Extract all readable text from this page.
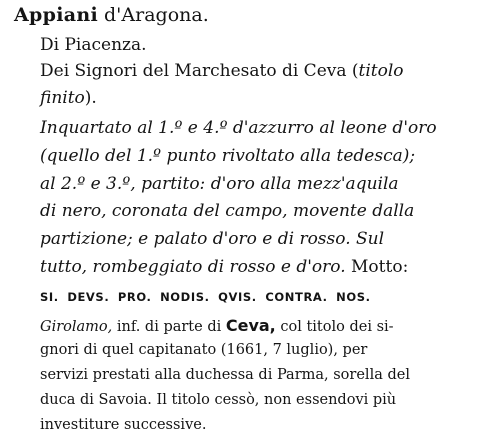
Appiani d'Aragona.
Di Piacenza.
Dei Signori del Marchesato di Ceva (titolo
finito).
Inquartato al 1.º e 4.º d'azzurro al leone d'oro
(quello del 1.º punto rivoltato alla tedesca);
al 2.º e 3.º, partito: d'oro alla mezz'aquila
di nero, coronata del campo, movente dalla
partizione; e palato d'oro e di rosso. Sul
tutto, rombeggiato di rosso e d'oro. Motto:
SI. DEVS. PRO. NODIS. QVIS. CONTRA. NOS.
Girolamo, inf. di parte di Ceva, col titolo dei si-
gnori di quel capitanato (1661, 7 luglio), per
servizi prestati alla duchessa di Parma, sorella del
duca di Savoia. Il titolo cessò, non essendovi più
investiture successive.
